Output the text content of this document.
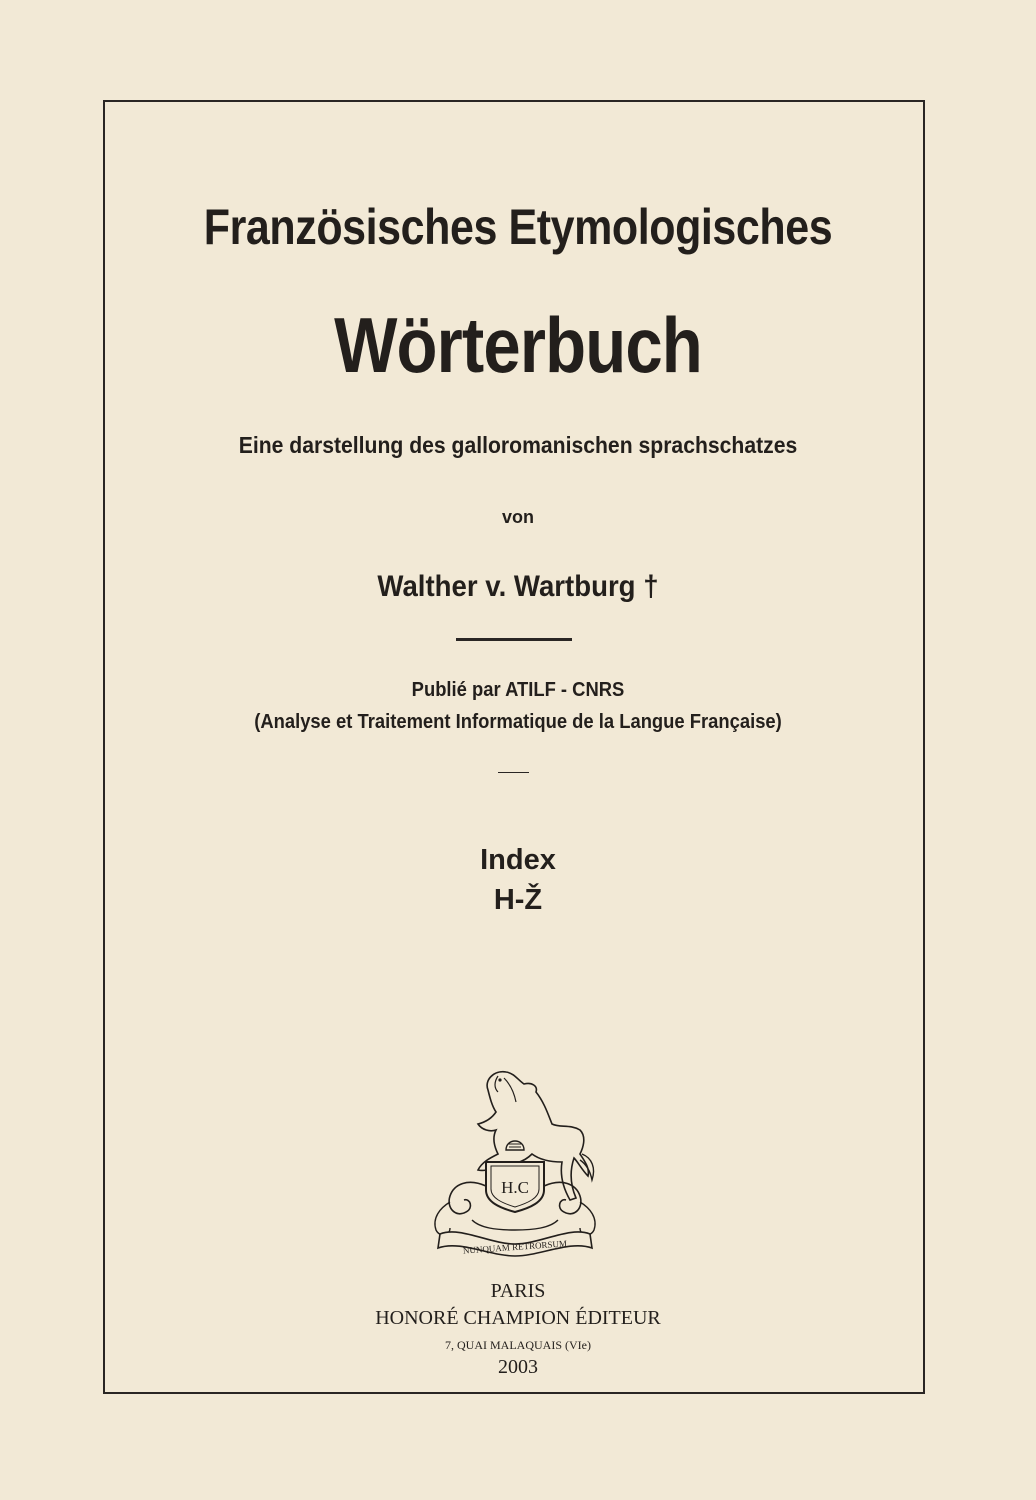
Französisches Etymologisches
Wörterbuch
Eine darstellung des galloromanischen sprachschatzes
von
Walther v. Wartburg †
Publié par ATILF - CNRS
(Analyse et Traitement Informatique de la Langue Française)
Index
H-Ž
H.C
NUNQUAM RETRORSUM
PARIS
HONORÉ CHAMPION ÉDITEUR
7, QUAI MALAQUAIS (VIe)
2003
